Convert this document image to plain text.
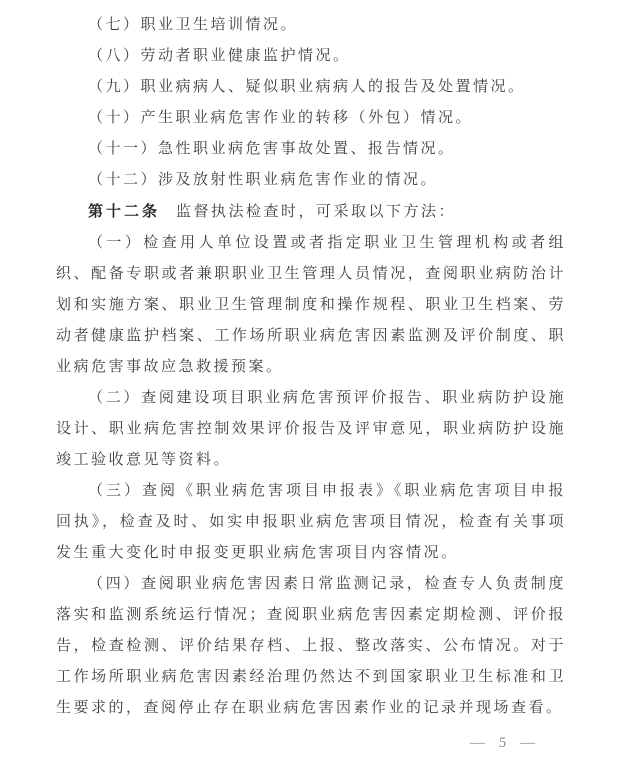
（七）职业卫生培训情况。

（八）劳动者职业健康监护情况。

（九）职业病病人、疑似职业病病人的报告及处置情况。

（十）产生职业病危害作业的转移（外包）情况。

（十一）急性职业病危害事故处置、报告情况。

（十二）涉及放射性职业病危害作业的情况。

第十二条 监督执法检查时，可采取以下方法：

（一）检查用人单位设置或者指定职业卫生管理机构或者组织、配备专职或者兼职职业卫生管理人员情况，查阅职业病防治计划和实施方案、职业卫生管理制度和操作规程、职业卫生档案、劳动者健康监护档案、工作场所职业病危害因素监测及评价制度、职业病危害事故应急救援预案。

（二）查阅建设项目职业病危害预评价报告、职业病防护设施设计、职业病危害控制效果评价报告及评审意见，职业病防护设施竣工验收意见等资料。

（三）查阅《职业病危害项目申报表》《职业病危害项目申报回执》，检查及时、如实申报职业病危害项目情况，检查有关事项发生重大变化时申报变更职业病危害项目内容情况。

（四）查阅职业病危害因素日常监测记录，检查专人负责制度落实和监测系统运行情况；查阅职业病危害因素定期检测、评价报告，检查检测、评价结果存档、上报、整改落实、公布情况。对于工作场所职业病危害因素经治理仍然达不到国家职业卫生标准和卫生要求的，查阅停止存在职业病危害因素作业的记录并现场查看。

— 5 —
